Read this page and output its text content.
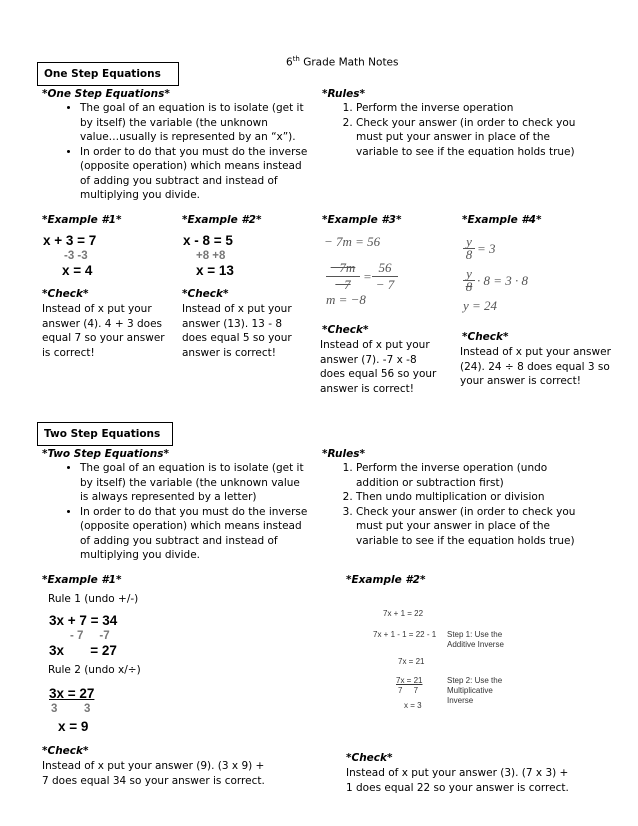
6th Grade Math Notes
One Step Equations
*One Step Equations*
• The goal of an equation is to isolate (get it by itself) the variable (the unknown value…usually is represented by an “x”).
• In order to do that you must do the inverse (opposite operation) which means instead of adding you subtract and instead of multiplying you divide.
*Rules*
1. Perform the inverse operation
2. Check your answer (in order to check you must put your answer in place of the variable to see if the equation holds true)
*Example #1*
x + 3 = 7
-3 -3
x = 4
*Check*
Instead of x put your answer (4). 4 + 3 does equal 7 so your answer is correct!
*Example #2*
x - 8 = 5
+8 +8
x = 13
*Check*
Instead of x put your answer (13). 13 - 8 does equal 5 so your answer is correct!
*Example #3*
− 7m = 56
$\frac{-7m}{-7} = \frac{56}{- 7}$
m = −8
*Check*
Instead of x put your answer (7). -7 x -8 does equal 56 so your answer is correct!
*Example #4*
$\frac{y}{8} = 3$
$\frac{y}{8} \cdot 8 = 3 \cdot 8$
y = 24
*Check*
Instead of x put your answer (24). 24 ÷ 8 does equal 3 so your answer is correct!
Two Step Equations
*Two Step Equations*
• The goal of an equation is to isolate (get it by itself) the variable (the unknown value is always represented by a letter)
• In order to do that you must do the inverse (opposite operation) which means instead of adding you subtract and instead of multiplying you divide.
*Rules*
1. Perform the inverse operation (undo addition or subtraction first)
2. Then undo multiplication or division
3. Check your answer (in order to check you must put your answer in place of the variable to see if the equation holds true)
*Example #1*
Rule 1 (undo +/-)
3x + 7 = 34
- 7     -7
3x       = 27
Rule 2 (undo x/÷)
3x = 27
3 3
x = 9
*Check*
Instead of x put your answer (9). (3 x 9) + 7 does equal 34 so your answer is correct.
*Example #2*
7x + 1 = 22
7x + 1 - 1 = 22 - 1 Step 1: Use the Additive Inverse
7x = 21
$\frac{7x = 21}{7 7}$	Step 2: Use the Multiplicative Inverse
x = 3
*Check*
Instead of x put your answer (3). (7 x 3) + 1 does equal 22 so your answer is correct.
